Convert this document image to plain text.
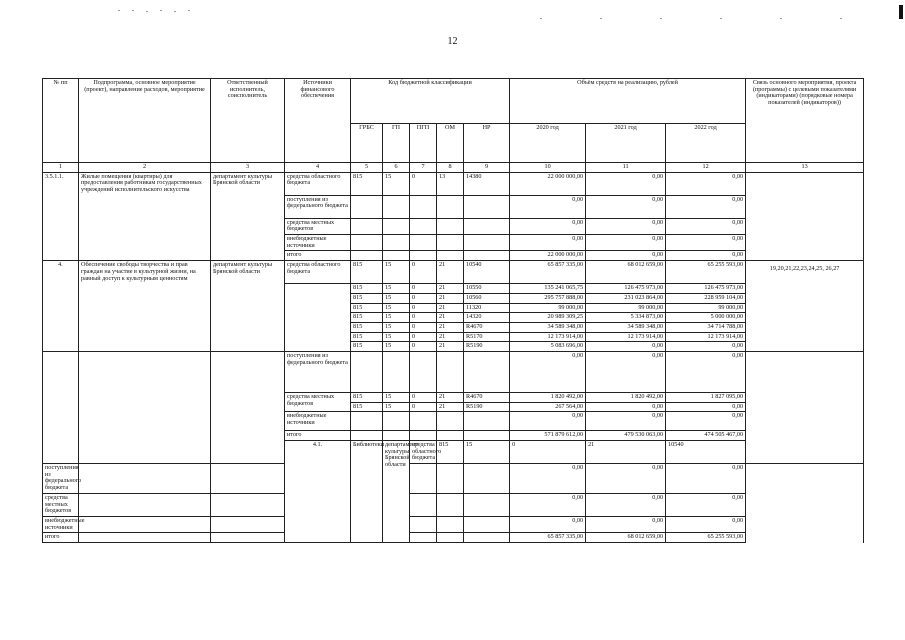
12
№ пп	Подпрограмма, основное мероприятие (проект), направление расходов, мероприятие	Ответственный исполнитель, соисполнитель	Источники финансового обеспечения	Код бюджетной классификации					Объём средств на реализацию, рублей			Связь основного мероприятия, проекта (программы) с целевыми показателями (индикаторами) (порядковые номера показателей (индикаторов))	
				ГРБС	ГП	ПГП	ОМ	НР	2020 год	2021 год	2022 год		
1	2	3	4	5	6	7	8	9	10	11	12	13	
3.5.1.1.	Жилые помещения (квартиры) для предоставления работникам государственных учреждений исполнительского искусства	департамент культуры Брянской области	средства областного бюджета	815	15	0	13	14380	22 000 000,00	0,00	0,00		
			поступления из федерального бюджета						0,00	0,00	0,00		
			средства местных бюджетов						0,00	0,00	0,00		
			внебюджетные источники						0,00	0,00	0,00		
			итого						22 000 000,00	0,00	0,00		
4.	Обеспечение свободы творчества и прав граждан на участие в культурной жизни, на равный доступ к культурным ценностям	департамент культуры Брянской области	средства областного бюджета	815	15	0	21	10540	65 857 335,00	68 012 659,00	65 255 593,00	19,20,21,22,23,24,25, 26,27	
				815	15	0	21	10550	135 241 065,75	126 475 973,00	126 475 973,00		
				815	15	0	21	10560	295 757 888,00	231 023 864,00	228 959 104,00		
				815	15	0	21	11320	99 000,00	99 000,00	99 000,00		
				815	15	0	21	14320	20 989 309,25	5 334 873,00	5 000 000,00		
				815	15	0	21	R4670	34 589 348,00	34 589 348,00	34 714 788,00		
				815	15	0	21	R5170	12 173 914,00	12 173 914,00	12 173 914,00		
				815	15	0	21	R5190	5 083 696,00	0,00	0,00		
			поступления из федерального бюджета						0,00	0,00	0,00		
			средства местных бюджетов	815	15	0	21	R4670	1 820 492,00	1 820 492,00	1 827 095,00		
				815	15	0	21	R5190	267 564,00	0,00	0,00		
			внебюджетные источники						0,00	0,00	0,00		
			итого						571 879 612,00	479 530 063,00	474 505 467,00		
			4.1.	Библиотеки	департамент культуры Брянской области	средства областного бюджета	815	15	0	21	10540				
поступления из федерального бюджета									0,00	0,00	0,00		
средства местных бюджетов									0,00	0,00	0,00		
внебюджетные источники									0,00	0,00	0,00		
итого									65 857 335,00	68 012 659,00	65 255 593,00		
